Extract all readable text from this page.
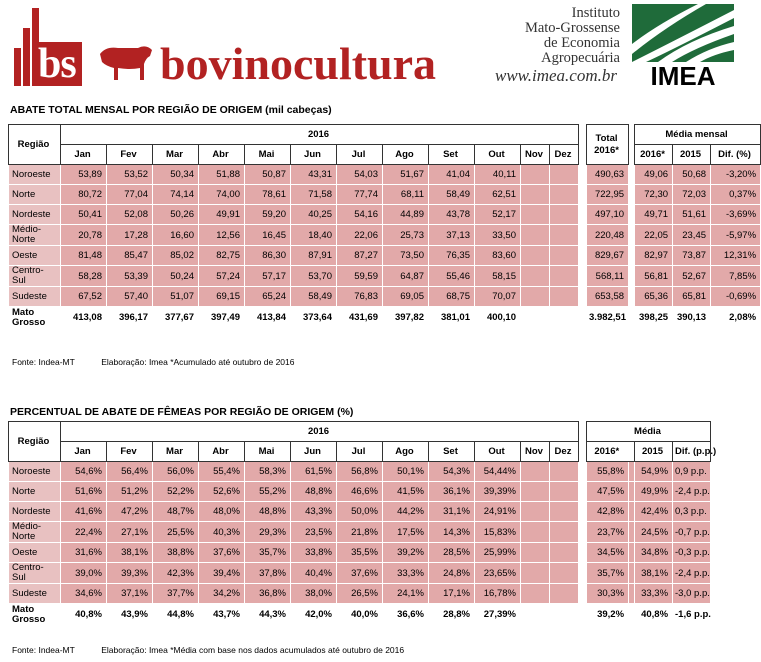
bs bovinocultura
Instituto
Mato-Grossense
de Economia
Agropecuária
www.imea.com.br IMEA
ABATE TOTAL MENSAL POR REGIÃO DE ORIGEM (mil cabeças)
Região	2016													Total 2016*		Média mensal		
	Jan	Fev	Mar	Abr	Mai	Jun	Jul	Ago	Set	Out	Nov	Dez				2016*	2015	Dif. (%)
Noroeste	53,89	53,52	50,34	51,88	50,87	43,31	54,03	51,67	41,04	40,11				490,63		49,06	50,68	-3,20%
Norte	80,72	77,04	74,14	74,00	78,61	71,58	77,74	68,11	58,49	62,51				722,95		72,30	72,03	0,37%
Nordeste	50,41	52,08	50,26	49,91	59,20	40,25	54,16	44,89	43,78	52,17				497,10		49,71	51,61	-3,69%
Médio-Norte	20,78	17,28	16,60	12,56	16,45	18,40	22,06	25,73	37,13	33,50				220,48		22,05	23,45	-5,97%
Oeste	81,48	85,47	85,02	82,75	86,30	87,91	87,27	73,50	76,35	83,60				829,67		82,97	73,87	12,31%
Centro-Sul	58,28	53,39	50,24	57,24	57,17	53,70	59,59	64,87	55,46	58,15				568,11		56,81	52,67	7,85%
Sudeste	67,52	57,40	51,07	69,15	65,24	58,49	76,83	69,05	68,75	70,07				653,58		65,36	65,81	-0,69%
Mato Grosso	413,08	396,17	377,67	397,49	413,84	373,64	431,69	397,82	381,01	400,10				3.982,51		398,25	390,13	2,08%
Fonte: Indea-MT	Elaboração: Imea *Acumulado até outubro de 2016
PERCENTUAL DE ABATE DE FÊMEAS POR REGIÃO DE ORIGEM (%)
Região	2016													Média			
	Jan	Fev	Mar	Abr	Mai	Jun	Jul	Ago	Set	Out	Nov	Dez		2016*		2015	Dif. (p.p.)
Noroeste	54,6%	56,4%	56,0%	55,4%	58,3%	61,5%	56,8%	50,1%	54,3%	54,44%				55,8%		54,9%	0,9 p.p.
Norte	51,6%	51,2%	52,2%	52,6%	55,2%	48,8%	46,6%	41,5%	36,1%	39,39%				47,5%		49,9%	-2,4 p.p.
Nordeste	41,6%	47,2%	48,7%	48,0%	48,8%	43,3%	50,0%	44,2%	31,1%	24,91%				42,8%		42,4%	0,3 p.p.
Médio-Norte	22,4%	27,1%	25,5%	40,3%	29,3%	23,5%	21,8%	17,5%	14,3%	15,83%				23,7%		24,5%	-0,7 p.p.
Oeste	31,6%	38,1%	38,8%	37,6%	35,7%	33,8%	35,5%	39,2%	28,5%	25,99%				34,5%		34,8%	-0,3 p.p.
Centro-Sul	39,0%	39,3%	42,3%	39,4%	37,8%	40,4%	37,6%	33,3%	24,8%	23,65%				35,7%		38,1%	-2,4 p.p.
Sudeste	34,6%	37,1%	37,7%	34,2%	36,8%	38,0%	26,5%	24,1%	17,1%	16,78%				30,3%		33,3%	-3,0 p.p.
Mato Grosso	40,8%	43,9%	44,8%	43,7%	44,3%	42,0%	40,0%	36,6%	28,8%	27,39%				39,2%		40,8%	-1,6 p.p.
Fonte: Indea-MT	Elaboração: Imea *Média com base nos dados acumulados até outubro de 2016
